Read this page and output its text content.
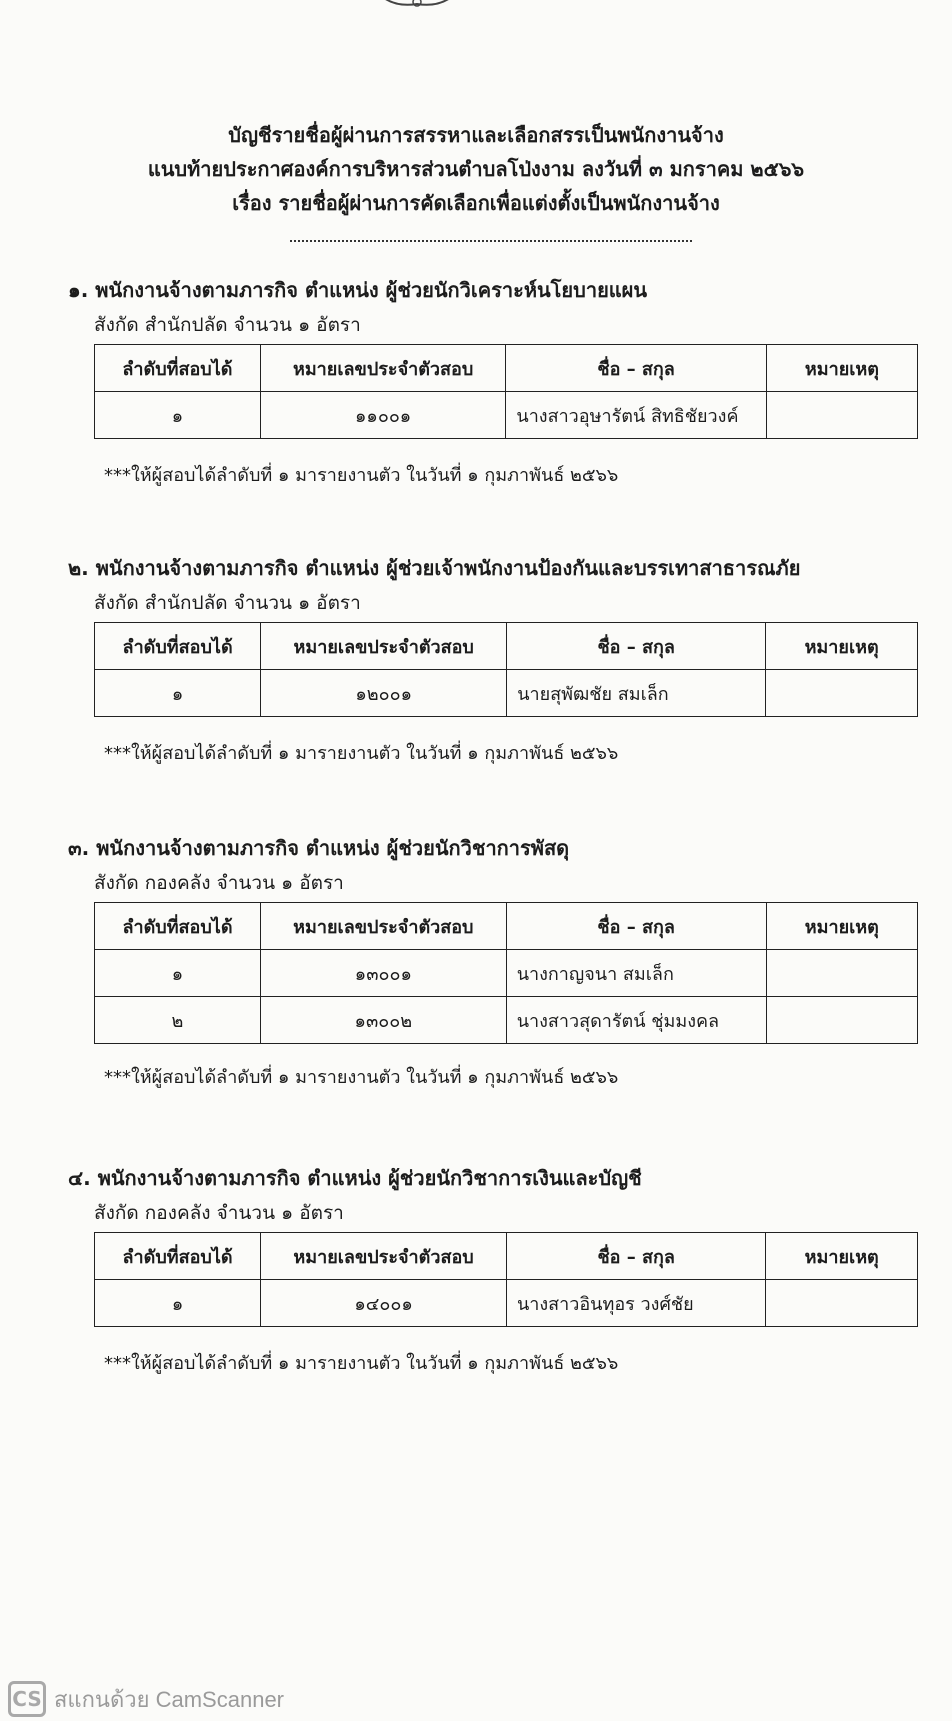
บัญชีรายชื่อผู้ผ่านการสรรหาและเลือกสรรเป็นพนักงานจ้าง
แนบท้ายประกาศองค์การบริหารส่วนตำบลโป่งงาม ลงวันที่ ๓ มกราคม ๒๕๖๖
เรื่อง รายชื่อผู้ผ่านการคัดเลือกเพื่อแต่งตั้งเป็นพนักงานจ้าง
๑. พนักงานจ้างตามภารกิจ ตำแหน่ง ผู้ช่วยนักวิเคราะห์นโยบายแผน
สังกัด สำนักปลัด จำนวน ๑ อัตรา
ลำดับที่สอบได้	หมายเลขประจำตัวสอบ	ชื่อ – สกุล	หมายเหตุ
๑	๑๑๐๐๑	นางสาวอุษารัตน์ สิทธิชัยวงค์	
***ให้ผู้สอบได้ลำดับที่ ๑ มารายงานตัว ในวันที่ ๑ กุมภาพันธ์ ๒๕๖๖
๒. พนักงานจ้างตามภารกิจ ตำแหน่ง ผู้ช่วยเจ้าพนักงานป้องกันและบรรเทาสาธารณภัย
สังกัด สำนักปลัด จำนวน ๑ อัตรา
ลำดับที่สอบได้	หมายเลขประจำตัวสอบ	ชื่อ – สกุล	หมายเหตุ
๑	๑๒๐๐๑	นายสุพัฒชัย สมเล็ก	
***ให้ผู้สอบได้ลำดับที่ ๑ มารายงานตัว ในวันที่ ๑ กุมภาพันธ์ ๒๕๖๖
๓. พนักงานจ้างตามภารกิจ ตำแหน่ง ผู้ช่วยนักวิชาการพัสดุ
สังกัด กองคลัง จำนวน ๑ อัตรา
ลำดับที่สอบได้	หมายเลขประจำตัวสอบ	ชื่อ – สกุล	หมายเหตุ
๑	๑๓๐๐๑	นางกาญจนา สมเล็ก	
๒	๑๓๐๐๒	นางสาวสุดารัตน์ ชุ่มมงคล	
***ให้ผู้สอบได้ลำดับที่ ๑ มารายงานตัว ในวันที่ ๑ กุมภาพันธ์ ๒๕๖๖
๔. พนักงานจ้างตามภารกิจ ตำแหน่ง ผู้ช่วยนักวิชาการเงินและบัญชี
สังกัด กองคลัง จำนวน ๑ อัตรา
ลำดับที่สอบได้	หมายเลขประจำตัวสอบ	ชื่อ – สกุล	หมายเหตุ
๑	๑๔๐๐๑	นางสาวอินทุอร วงศ์ชัย	
***ให้ผู้สอบได้ลำดับที่ ๑ มารายงานตัว ในวันที่ ๑ กุมภาพันธ์ ๒๕๖๖
CS สแกนด้วย CamScanner
